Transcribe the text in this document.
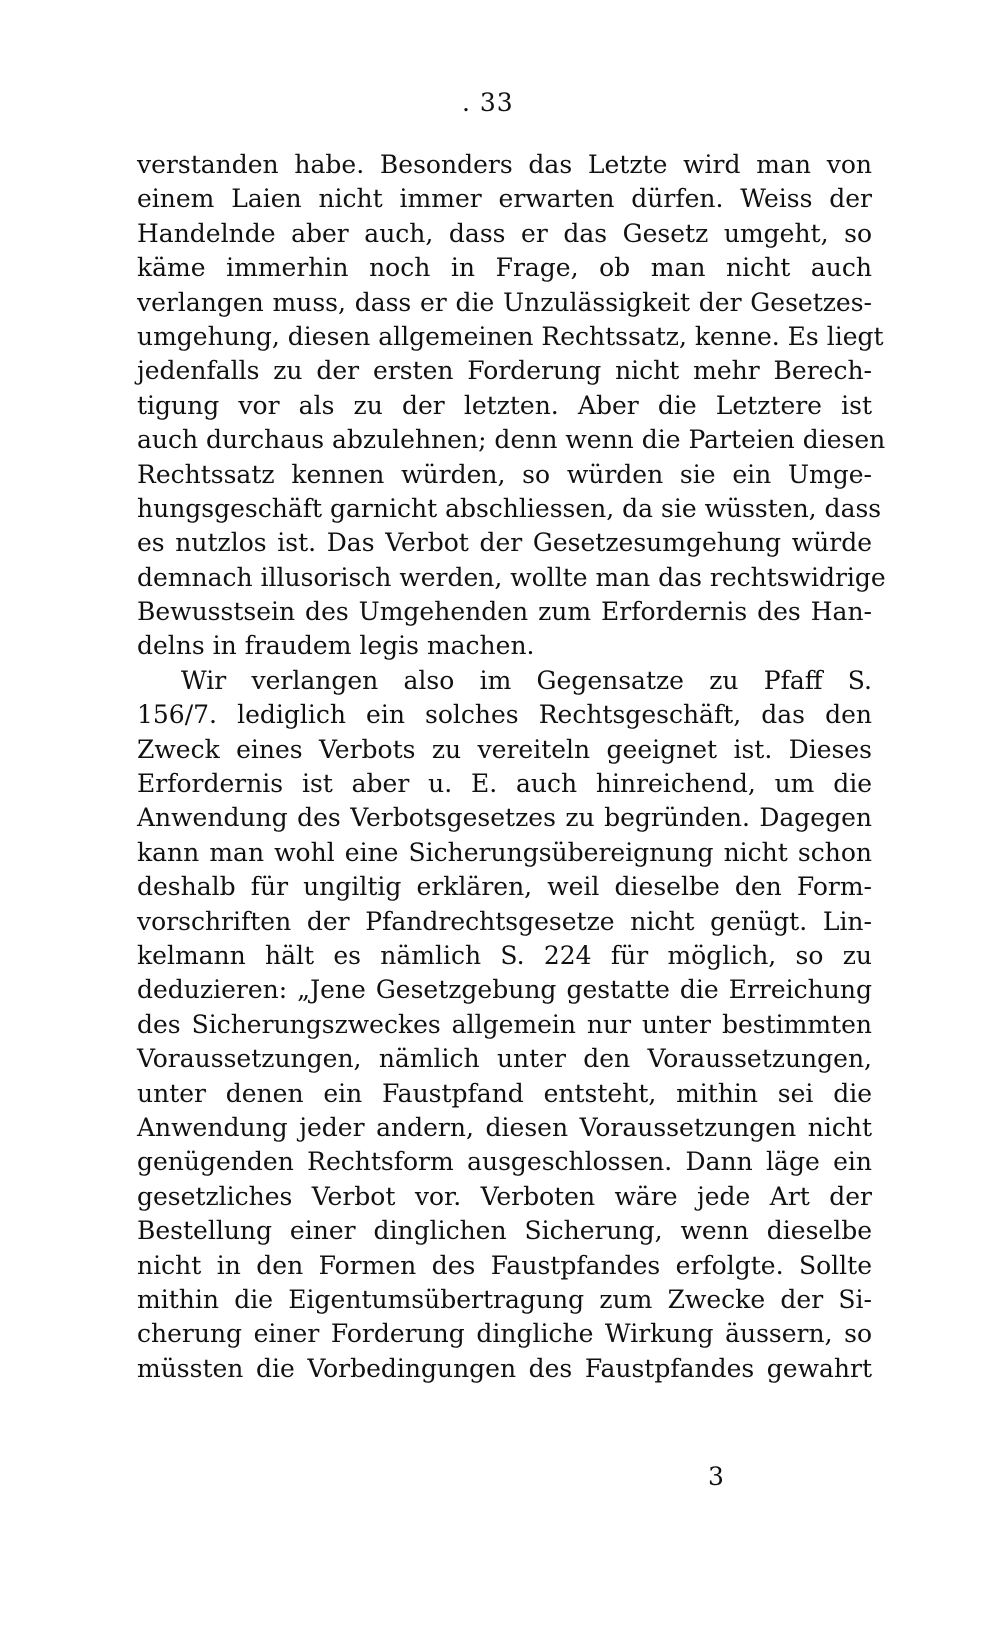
. 33
verstanden habe. Besonders das Letzte wird man von
einem Laien nicht immer erwarten dürfen. Weiss der
Handelnde aber auch, dass er das Gesetz umgeht, so
käme immerhin noch in Frage, ob man nicht auch
verlangen muss, dass er die Unzulässigkeit der Gesetzes-
umgehung, diesen allgemeinen Rechtssatz, kenne. Es liegt
jedenfalls zu der ersten Forderung nicht mehr Berech-
tigung vor als zu der letzten. Aber die Letztere ist
auch durchaus abzulehnen; denn wenn die Parteien diesen
Rechtssatz kennen würden, so würden sie ein Umge-
hungsgeschäft garnicht abschliessen, da sie wüssten, dass
es nutzlos ist. Das Verbot der Gesetzesumgehung würde
demnach illusorisch werden, wollte man das rechtswidrige
Bewusstsein des Umgehenden zum Erfordernis des Han-
delns in fraudem legis machen.
Wir verlangen also im Gegensatze zu Pfaff S.
156/7. lediglich ein solches Rechtsgeschäft, das den
Zweck eines Verbots zu vereiteln geeignet ist. Dieses
Erfordernis ist aber u. E. auch hinreichend, um die
Anwendung des Verbotsgesetzes zu begründen. Dagegen
kann man wohl eine Sicherungsübereignung nicht schon
deshalb für ungiltig erklären, weil dieselbe den Form-
vorschriften der Pfandrechtsgesetze nicht genügt. Lin-
kelmann hält es nämlich S. 224 für möglich, so zu
deduzieren: „Jene Gesetzgebung gestatte die Erreichung
des Sicherungszweckes allgemein nur unter bestimmten
Voraussetzungen, nämlich unter den Voraussetzungen,
unter denen ein Faustpfand entsteht, mithin sei die
Anwendung jeder andern, diesen Voraussetzungen nicht
genügenden Rechtsform ausgeschlossen. Dann läge ein
gesetzliches Verbot vor. Verboten wäre jede Art der
Bestellung einer dinglichen Sicherung, wenn dieselbe
nicht in den Formen des Faustpfandes erfolgte. Sollte
mithin die Eigentumsübertragung zum Zwecke der Si-
cherung einer Forderung dingliche Wirkung äussern, so
müssten die Vorbedingungen des Faustpfandes gewahrt
3
